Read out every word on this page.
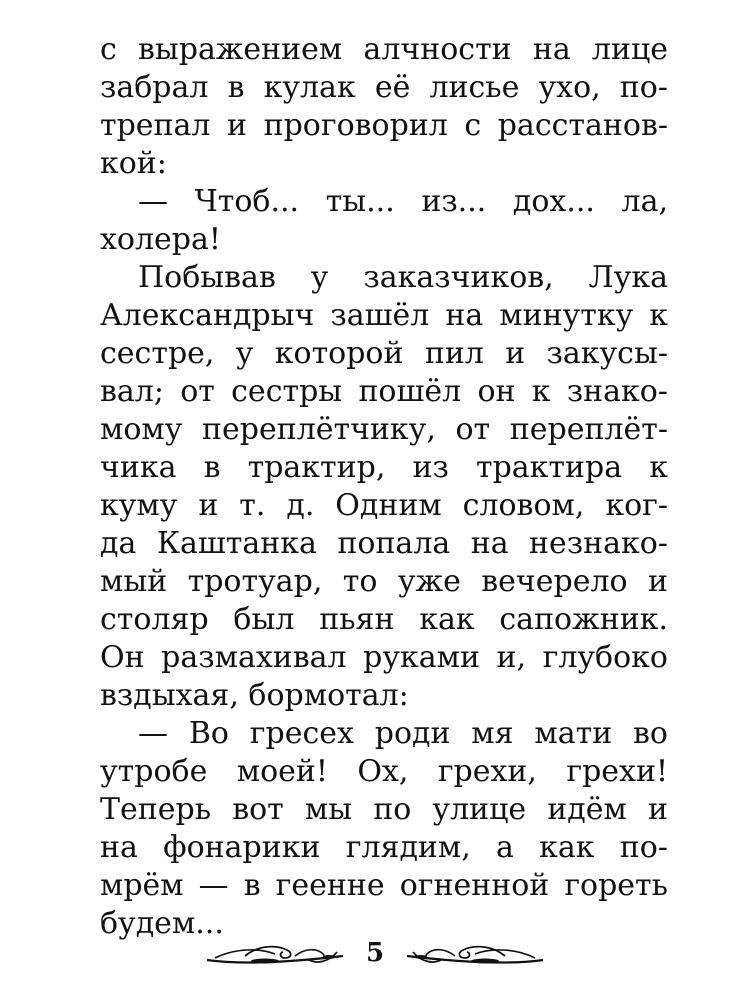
с выражением алчности на лице
забрал в кулак её лисье ухо, по-
трепал и проговорил с расстанов-
кой:
— Чтоб... ты... из... дох... ла,
холера!
Побывав у заказчиков, Лука
Александрыч зашёл на минутку к
сестре, у которой пил и закусы-
вал; от сестры пошёл он к знако-
мому переплётчику, от переплёт-
чика в трактир, из трактира к
куму и т. д. Одним словом, ког-
да Каштанка попала на незнако-
мый тротуар, то уже вечерело и
столяр был пьян как сапожник.
Он размахивал руками и, глубоко
вздыхая, бормотал:
— Во гресех роди мя мати во
утробе моей! Ох, грехи, грехи!
Теперь вот мы по улице идём и
на фонарики глядим, а как по-
мрём — в геенне огненной гореть
будем...
5
